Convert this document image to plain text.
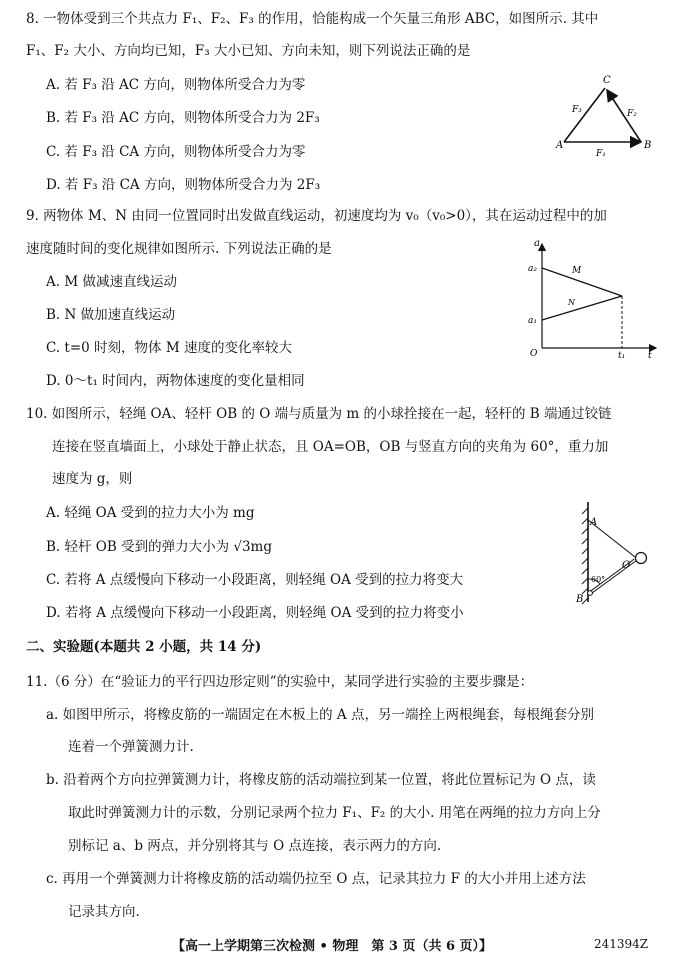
8. 一物体受到三个共点力 F₁、F₂、F₃ 的作用，恰能构成一个矢量三角形 ABC，如图所示. 其中
F₁、F₂ 大小、方向均已知，F₃ 大小已知、方向未知，则下列说法正确的是
A. 若 F₃ 沿 AC 方向，则物体所受合力为零
B. 若 F₃ 沿 AC 方向，则物体所受合力为 2F₃
C. 若 F₃ 沿 CA 方向，则物体所受合力为零
D. 若 F₃ 沿 CA 方向，则物体所受合力为 2F₃
A	B
C
F₁
F₂
F₃
9. 两物体 M、N 由同一位置同时出发做直线运动，初速度均为 v₀（v₀>0），其在运动过程中的加
速度随时间的变化规律如图所示. 下列说法正确的是
A. M 做减速直线运动
B. N 做加速直线运动
C. t=0 时刻，物体 M 速度的变化率较大
D. 0～t₁ 时间内，两物体速度的变化量相同
a
a₂
a₁
M
N
O	t₁	t
10. 如图所示，轻绳 OA、轻杆 OB 的 O 端与质量为 m 的小球拴接在一起，轻杆的 B 端通过铰链
连接在竖直墙面上，小球处于静止状态，且 OA=OB，OB 与竖直方向的夹角为 60°，重力加
速度为 g，则
A. 轻绳 OA 受到的拉力大小为 mg
B. 轻杆 OB 受到的弹力大小为 √3mg
C. 若将 A 点缓慢向下移动一小段距离，则轻绳 OA 受到的拉力将变大
D. 若将 A 点缓慢向下移动一小段距离，则轻绳 OA 受到的拉力将变小
A
B
O
60°
二、实验题(本题共 2 小题，共 14 分)
11.（6 分）在“验证力的平行四边形定则”的实验中，某同学进行实验的主要步骤是：
a. 如图甲所示，将橡皮筋的一端固定在木板上的 A 点，另一端拴上两根绳套，每根绳套分别
连着一个弹簧测力计.
b. 沿着两个方向拉弹簧测力计，将橡皮筋的活动端拉到某一位置，将此位置标记为 O 点，读
取此时弹簧测力计的示数，分别记录两个拉力 F₁、F₂ 的大小. 用笔在两绳的拉力方向上分
别标记 a、b 两点，并分别将其与 O 点连接，表示两力的方向.
c. 再用一个弹簧测力计将橡皮筋的活动端仍拉至 O 点，记录其拉力 F 的大小并用上述方法
记录其方向.
【高一上学期第三次检测 • 物理　第 3 页（共 6 页）】	241394Z
